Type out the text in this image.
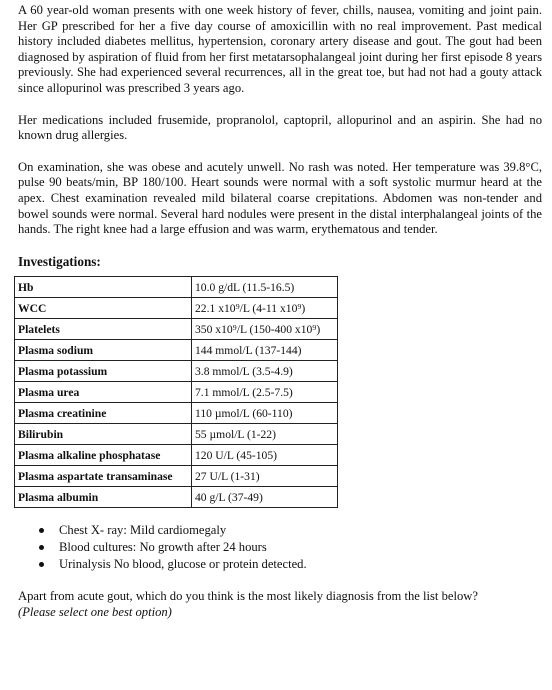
A 60 year-old woman presents with one week history of fever, chills, nausea, vomiting and joint pain. Her GP prescribed for her a five day course of amoxicillin with no real improvement. Past medical history included diabetes mellitus, hypertension, coronary artery disease and gout. The gout had been diagnosed by aspiration of fluid from her first metatarsophalangeal joint during her first episode 8 years previously. She had experienced several recurrences, all in the great toe, but had not had a gouty attack since allopurinol was prescribed 3 years ago.

Her medications included frusemide, propranolol, captopril, allopurinol and an aspirin. She had no known drug allergies.

On examination, she was obese and acutely unwell. No rash was noted. Her temperature was 39.8°C, pulse 90 beats/min, BP 180/100. Heart sounds were normal with a soft systolic murmur heard at the apex. Chest examination revealed mild bilateral coarse crepitations. Abdomen was non-tender and bowel sounds were normal. Several hard nodules were present in the distal interphalangeal joints of the hands. The right knee had a large effusion and was warm, erythematous and tender.

Investigations:

Hb	10.0 g/dL (11.5-16.5)
WCC	22.1 x10⁹/L (4-11 x10⁹)
Platelets	350 x10⁹/L (150-400 x10⁹)
Plasma sodium	144 mmol/L (137-144)
Plasma potassium	3.8 mmol/L (3.5-4.9)
Plasma urea	7.1 mmol/L (2.5-7.5)
Plasma creatinine	110 µmol/L (60-110)
Bilirubin	55 µmol/L (1-22)
Plasma alkaline phosphatase	120 U/L (45-105)
Plasma aspartate transaminase	27 U/L (1-31)
Plasma albumin	40 g/L (37-49)
Chest X- ray: Mild cardiomegaly
Blood cultures: No growth after 24 hours
Urinalysis No blood, glucose or protein detected.

Apart from acute gout, which do you think is the most likely diagnosis from the list below?

(Please select one best option)
